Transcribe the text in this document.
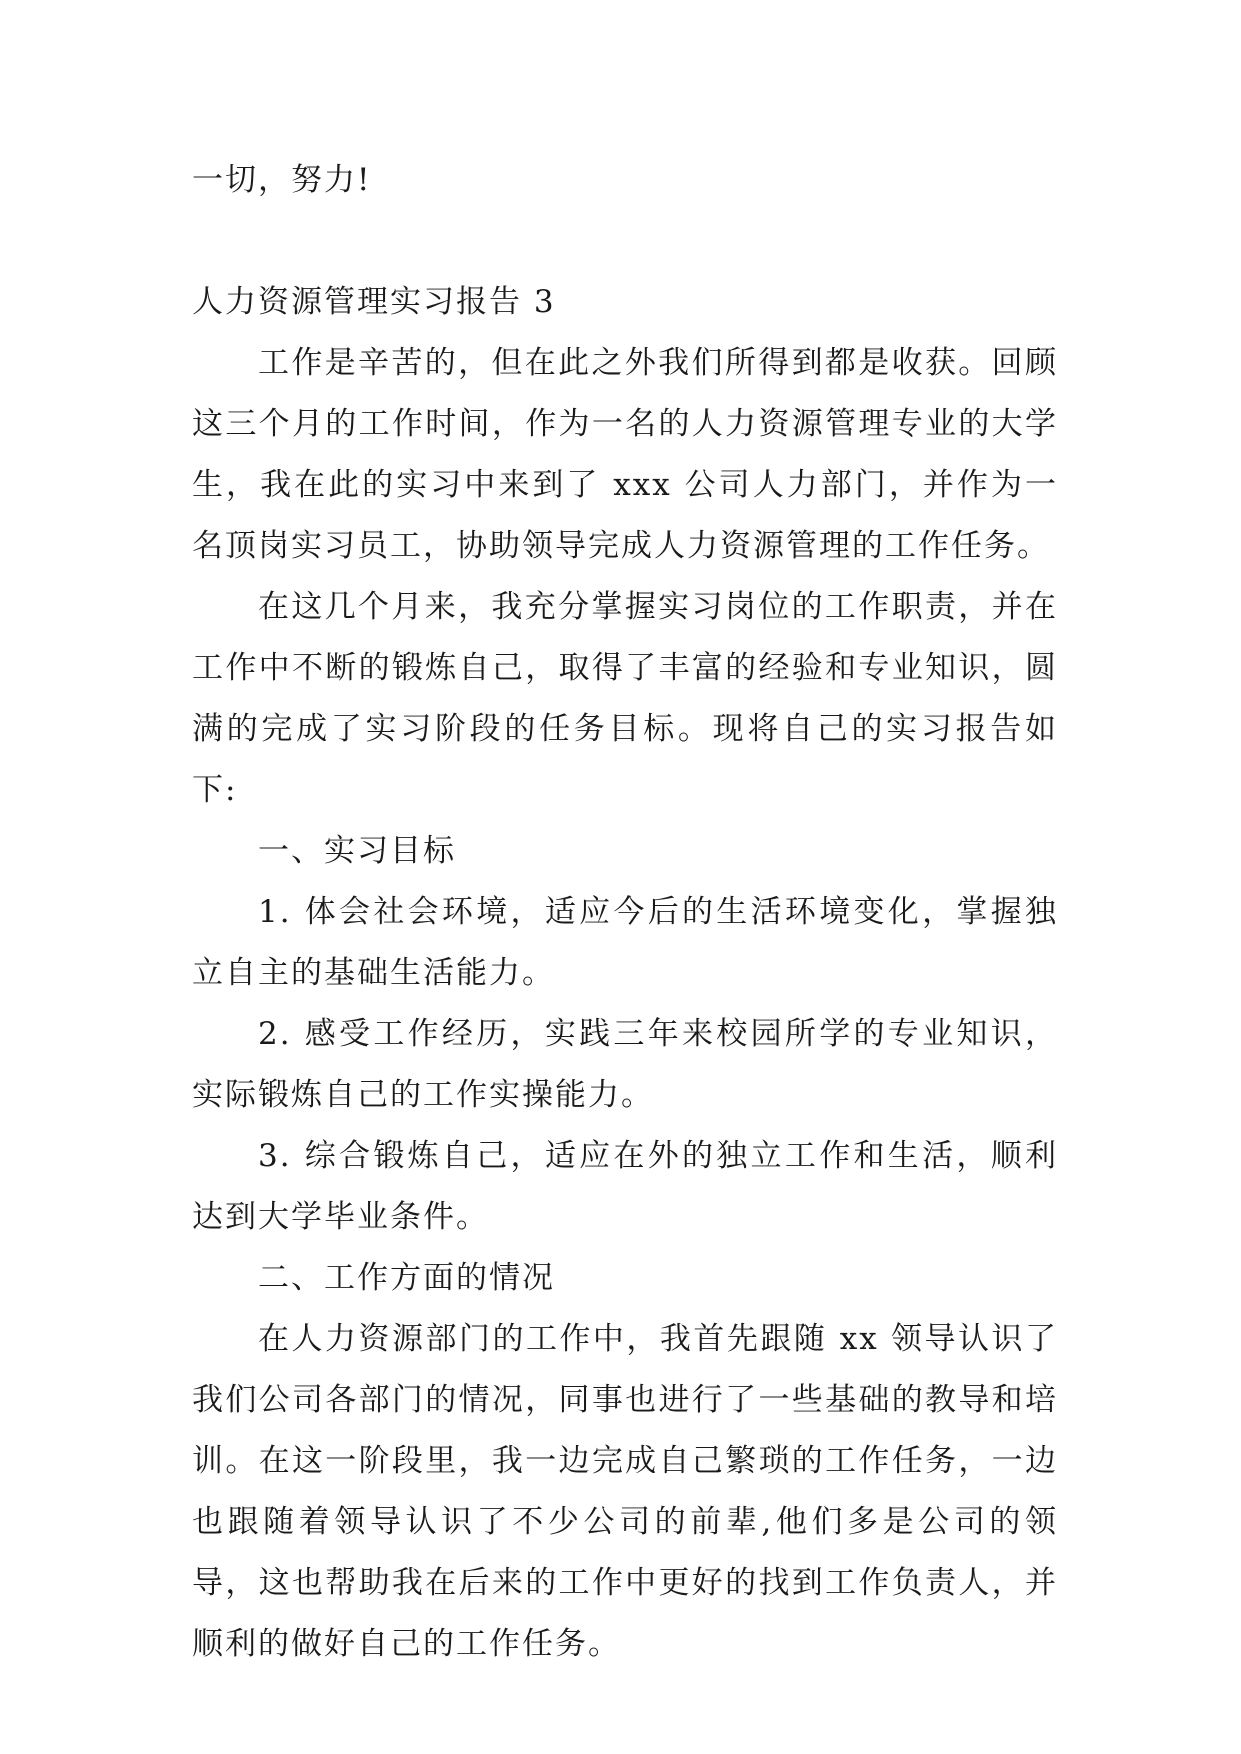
一切，努力!

人力资源管理实习报告 3

工作是辛苦的，但在此之外我们所得到都是收获。回顾这三个月的工作时间，作为一名的人力资源管理专业的大学生，我在此的实习中来到了 xxx 公司人力部门，并作为一名顶岗实习员工，协助领导完成人力资源管理的工作任务。

在这几个月来，我充分掌握实习岗位的工作职责，并在工作中不断的锻炼自己，取得了丰富的经验和专业知识，圆满的完成了实习阶段的任务目标。现将自己的实习报告如下:

一、实习目标

1. 体会社会环境，适应今后的生活环境变化，掌握独立自主的基础生活能力。

2. 感受工作经历，实践三年来校园所学的专业知识，实际锻炼自己的工作实操能力。

3. 综合锻炼自己，适应在外的独立工作和生活，顺利达到大学毕业条件。

二、工作方面的情况

在人力资源部门的工作中，我首先跟随 xx 领导认识了我们公司各部门的情况，同事也进行了一些基础的教导和培训。在这一阶段里，我一边完成自己繁琐的工作任务，一边也跟随着领导认识了不少公司的前辈,他们多是公司的领导，这也帮助我在后来的工作中更好的找到工作负责人，并顺利的做好自己的工作任务。
